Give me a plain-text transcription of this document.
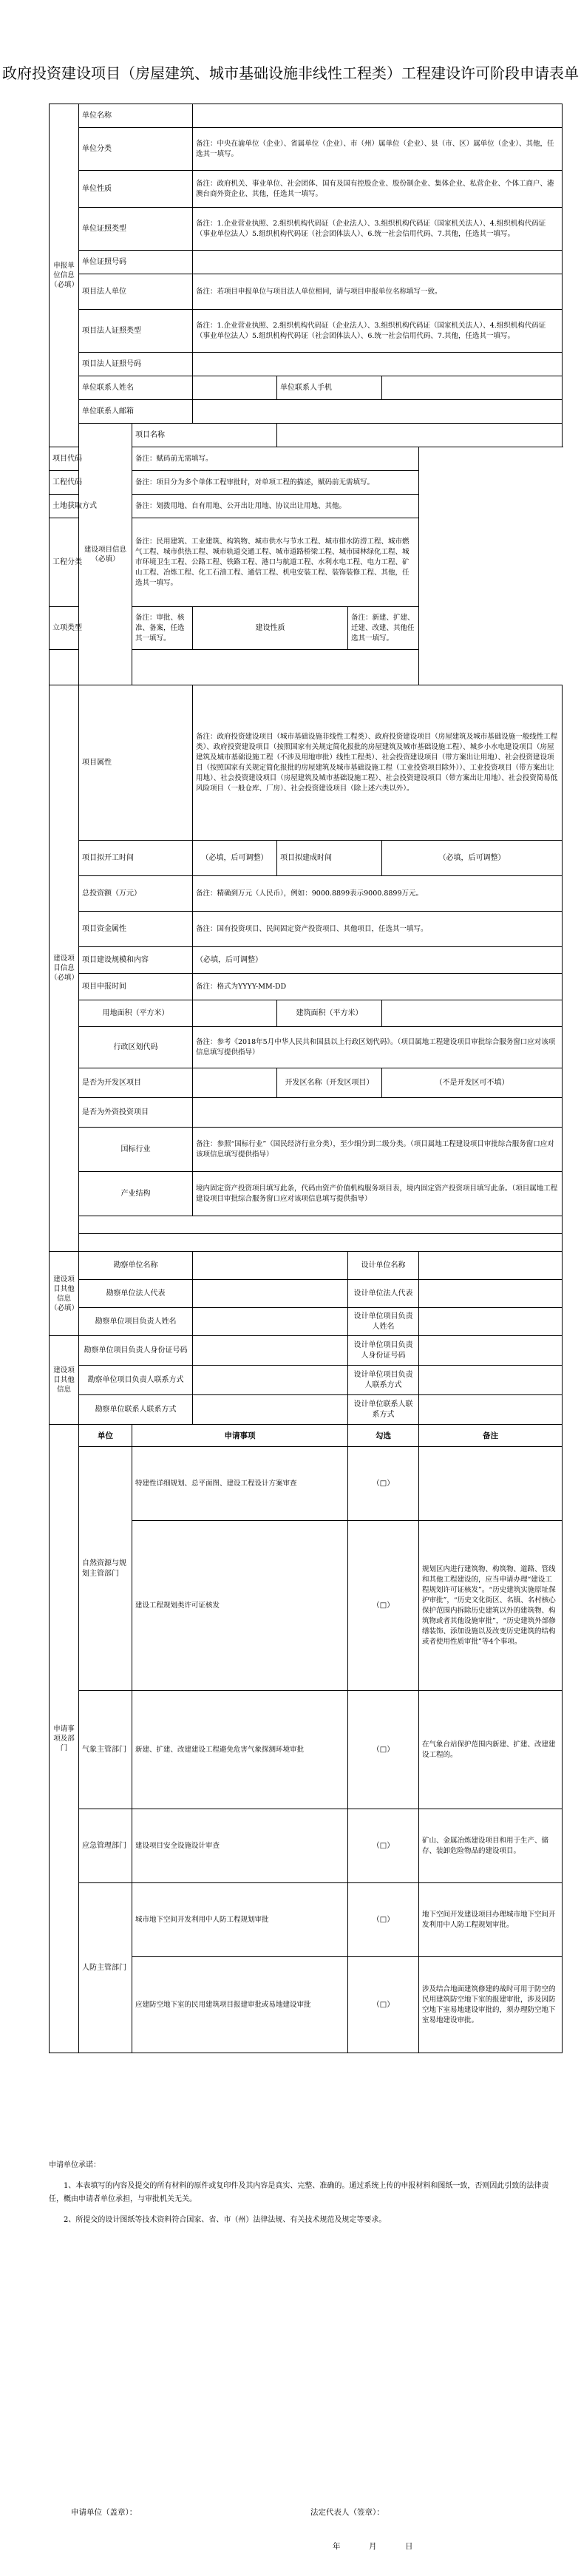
政府投资建设项目（房屋建筑、城市基础设施非线性工程类）工程建设许可阶段申请表单
申报单位信息（必填）	单位名称						
	单位分类		备注：中央在渝单位（企业）、省属单位（企业）、市（州）属单位（企业）、县（市、区）属单位（企业）、其他，任选其一填写。				
	单位性质		备注：政府机关、事业单位、社会团体、国有及国有控股企业、股份制企业、集体企业、私营企业、个体工商户、港澳台商外资企业、其他，任选其一填写。				
	单位证照类型		备注：1.企业营业执照、2.组织机构代码证（企业法人）、3.组织机构代码证（国家机关法人）、4.组织机构代码证（事业单位法人）5.组织机构代码证（社会团体法人）、6.统一社会信用代码、7.其他，任选其一填写。				
	单位证照号码						
	项目法人单位		备注：若项目申报单位与项目法人单位相同，请与项目申报单位名称填写一致。				
	项目法人证照类型		备注：1.企业营业执照、2.组织机构代码证（企业法人）、3.组织机构代码证（国家机关法人）、4.组织机构代码证（事业单位法人）5.组织机构代码证（社会团体法人）、6.统一社会信用代码、7.其他，任选其一填写。				
	项目法人证照号码						
	单位联系人姓名			单位联系人手机			
	单位联系人邮箱						
	建设项目信息（必填）	项目名称					
项目代码		备注：赋码前无需填写。					
工程代码		备注：项目分为多个单体工程审批时，对单项工程的描述，赋码前无需填写。					
土地获取方式		备注：划拨用地、自有用地、公开出让用地、协议出让用地、其他。					
工程分类		备注：民用建筑、工业建筑、构筑物、城市供水与节水工程、城市排水防涝工程、城市燃气工程、城市供热工程、城市轨道交通工程、城市道路桥梁工程、城市园林绿化工程、城市环境卫生工程、公路工程、铁路工程、港口与航道工程、水利水电工程、电力工程、矿山工程、冶炼工程、化工石油工程、通信工程、机电安装工程、装饰装修工程、其他，任选其一填写。					
立项类型		备注：审批、核准、备案，任选其一填写。	建设性质		备注：新建、扩建、迁建、改建、其他任选其一填写。		

建设项目信息（必填）	项目属性		备注：政府投资建设项目（城市基础设施非线性工程类）、政府投资建设项目（房屋建筑及城市基础设施一般线性工程类）、政府投资建设项目（按照国家有关规定简化报批的房屋建筑及城市基础设施工程）、城乡小水电建设项目（房屋建筑及城市基础设施工程（不涉及用地审批）线性工程类）、社会投资建设项目（带方案出让用地）、社会投资建设项目（按照国家有关规定简化报批的房屋建筑及城市基础设施工程（工业投资项目除外））、工业投资项目（带方案出让用地）、社会投资建设项目（房屋建筑及城市基础设施工程）、社会投资建设项目（带方案出让用地）、社会投资简易低风险项目（一般仓库、厂房）、社会投资建设项目（除上述六类以外）。				
	项目拟开工时间		（必填，后可调整）	项目拟建成时间		（必填，后可调整）	
	总投资额（万元）		备注：精确到万元（人民币），例如：9000.8899表示9000.8899万元。				
	项目资金属性		备注：国有投资项目、民间固定资产投资项目、其他项目，任选其一填写。				
	项目建设规模和内容		（必填，后可调整）				
	项目申报时间		备注：格式为YYYY-MM-DD				
	用地面积（平方米）			建筑面积（平方米）			
	行政区划代码		备注：参考《2018年5月中华人民共和国县以上行政区划代码》。（项目属地工程建设项目审批综合服务窗口应对该项信息填写提供指导）				
	是否为开发区项目			开发区名称（开发区项目）		（不是开发区可不填）	
	是否为外资投资项目						
	国标行业		备注：参照“国标行业”（国民经济行业分类），至少细分到二级分类。（项目属地工程建设项目审批综合服务窗口应对该项信息填写提供指导）				
	产业结构		境内固定资产投资项目填写此条，代码由资产价值机构服务项目表，境内固定资产投资项目填写此条。（项目属地工程建设项目审批综合服务窗口应对该项信息填写提供指导）				

建设项目其他信息（必填）	勘察单位名称				设计单位名称		
	勘察单位法人代表				设计单位法人代表		
	勘察单位项目负责人姓名				设计单位项目负责人姓名		
建设项目其他信息	勘察单位项目负责人身份证号码				设计单位项目负责人身份证号码		
	勘察单位项目负责人联系方式				设计单位项目负责人联系方式		
	勘察单位联系人联系方式				设计单位联系人联系方式		
申请事项及部门	单位	申请事项			勾选		备注
	自然资源与规划主管部门	特建性详细规划、总平面图、建设工程设计方案审查			（□）		
		建设工程规划类许可证核发			（□）		规划区内进行建筑物、构筑物、道路、管线和其他工程建设的，应当申请办理“建设工程规划许可证核发”。“历史建筑实施原址保护审批”，“历史文化街区、名镇、名村核心保护范围内拆除历史建筑以外的建筑物、构筑物或者其他设施审批”，“历史建筑外部修缮装饰、添加设施以及改变历史建筑的结构或者使用性质审批”等4个事项。
	气象主管部门	新建、扩建、改建建设工程避免危害气象探测环境审批			（□）		在气象台站保护范围内新建、扩建、改建建设工程的。
	应急管理部门	建设项目安全设施设计审查			（□）		矿山、金属冶炼建设项目和用于生产、储存、装卸危险物品的建设项目。
	人防主管部门	城市地下空间开发利用中人防工程规划审批			（□）		地下空间开发建设项目办理城市地下空间开发利用中人防工程规划审批。
		应建防空地下室的民用建筑项目报建审批或易地建设审批			（□）		涉及结合地面建筑修建的战时可用于防空的民用建筑防空地下室的报建审批，涉及因防空地下室易地建设审批的，须办理防空地下室易地建设审批。

申请单位承诺：

1、本表填写的内容及提交的所有材料的原件或复印件及其内容是真实、完整、准确的。通过系统上传的申报材料和图纸一致，否则因此引致的法律责任，概由申请者单位承担，与审批机关无关。

2、所提交的设计图纸等技术资料符合国家、省、市（州）法律法规、有关技术规范及规定等要求。

申请单位（盖章）：	法定代表人（签章）：
年　月　日
